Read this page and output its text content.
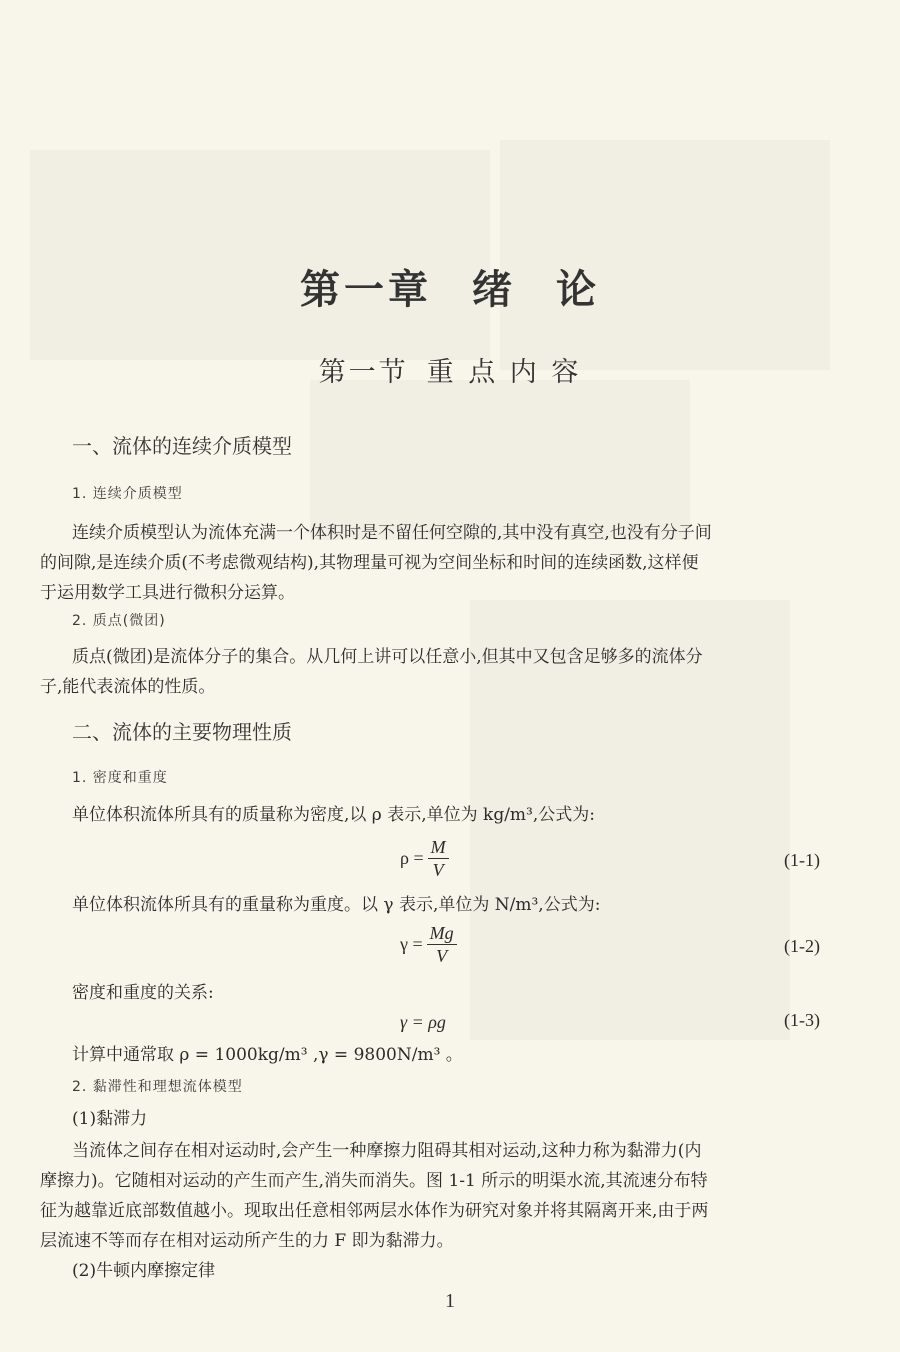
第一章 绪 论
第一节 重 点 内 容
一、流体的连续介质模型
1. 连续介质模型
连续介质模型认为流体充满一个体积时是不留任何空隙的,其中没有真空,也没有分子间
的间隙,是连续介质(不考虑微观结构),其物理量可视为空间坐标和时间的连续函数,这样便
于运用数学工具进行微积分运算。
2. 质点(微团)
质点(微团)是流体分子的集合。从几何上讲可以任意小,但其中又包含足够多的流体分
子,能代表流体的性质。
二、流体的主要物理性质
1. 密度和重度
单位体积流体所具有的质量称为密度,以 ρ 表示,单位为 kg/m³,公式为:
$\rho = \frac{M}{V}$	(1-1)
单位体积流体所具有的重量称为重度。以 γ 表示,单位为 N/m³,公式为:
$\gamma = \frac{Mg}{V}$	(1-2)
密度和重度的关系:
γ = ρg	(1-3)
计算中通常取 ρ = 1000kg/m³ ,γ = 9800N/m³ 。
2. 黏滞性和理想流体模型
(1)黏滞力
当流体之间存在相对运动时,会产生一种摩擦力阻碍其相对运动,这种力称为黏滞力(内
摩擦力)。它随相对运动的产生而产生,消失而消失。图 1-1 所示的明渠水流,其流速分布特
征为越靠近底部数值越小。现取出任意相邻两层水体作为研究对象并将其隔离开来,由于两
层流速不等而存在相对运动所产生的力 F 即为黏滞力。
(2)牛顿内摩擦定律
1
